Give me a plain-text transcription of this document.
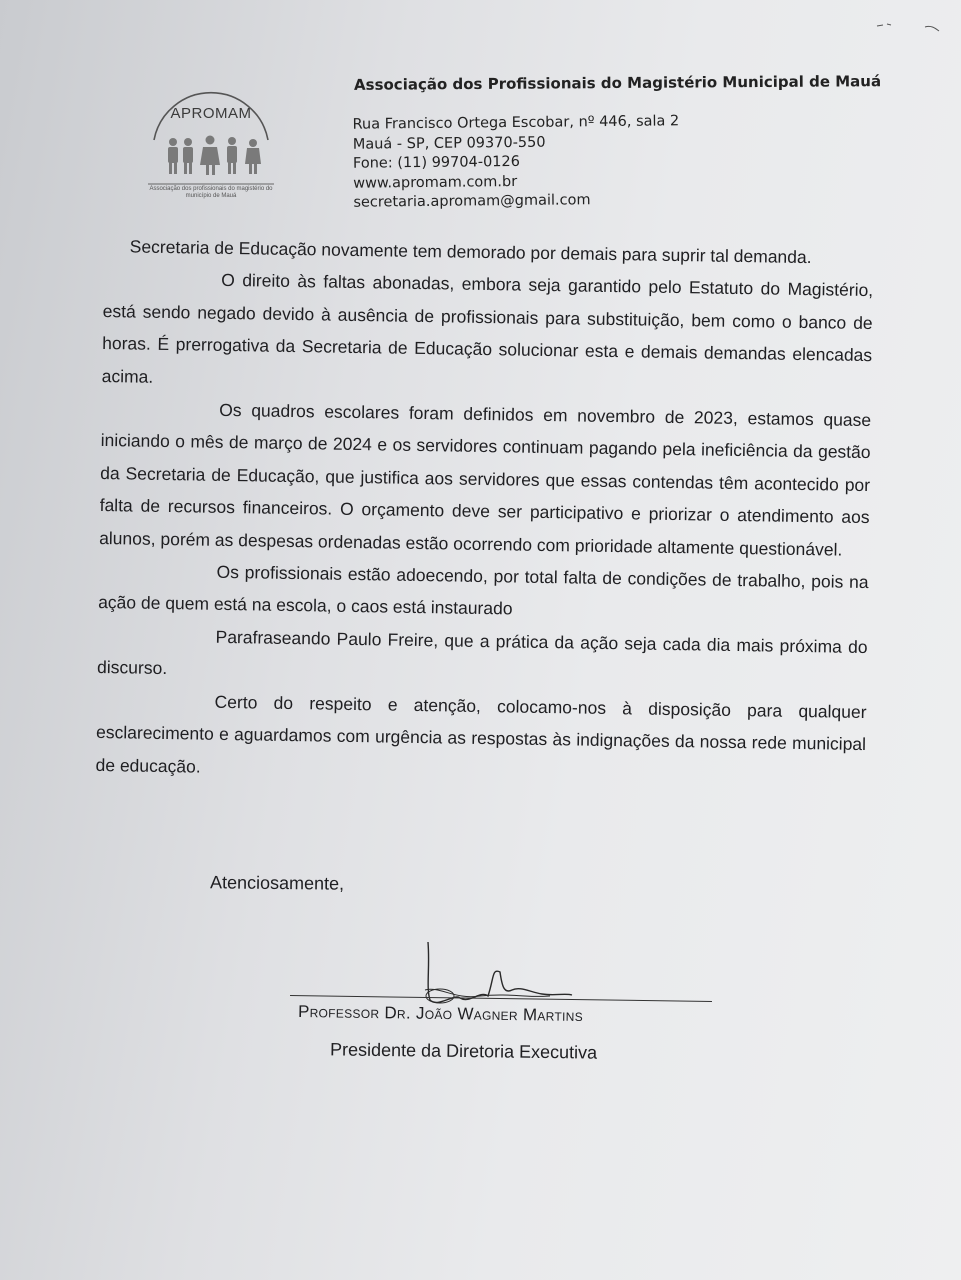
APROMAM
Associação dos profissionais do magistério do município de Mauá
Associação dos Profissionais do Magistério Municipal de Mauá
Rua Francisco Ortega Escobar, nº 446, sala 2
Mauá - SP, CEP 09370-550
Fone: (11) 99704-0126
www.apromam.com.br
secretaria.apromam@gmail.com

Secretaria de Educação novamente tem demorado por demais para suprir tal demanda.

O direito às faltas abonadas, embora seja garantido pelo Estatuto do Magistério, está sendo negado devido à ausência de profissionais para substituição, bem como o banco de horas. É prerrogativa da Secretaria de Educação solucionar esta e demais demandas elencadas acima.

Os quadros escolares foram definidos em novembro de 2023, estamos quase iniciando o mês de março de 2024 e os servidores continuam pagando pela ineficiência da gestão da Secretaria de Educação, que justifica aos servidores que essas contendas têm acontecido por falta de recursos financeiros. O orçamento deve ser participativo e priorizar o atendimento aos alunos, porém as despesas ordenadas estão ocorrendo com prioridade altamente questionável.

Os profissionais estão adoecendo, por total falta de condições de trabalho, pois na ação de quem está na escola, o caos está instaurado

Parafraseando Paulo Freire, que a prática da ação seja cada dia mais próxima do discurso.

Certo do respeito e atenção, colocamo-nos à disposição para qualquer esclarecimento e aguardamos com urgência as respostas às indignações da nossa rede municipal de educação.

Atenciosamente,
Professor Dr. João Wagner Martins
Presidente da Diretoria Executiva
